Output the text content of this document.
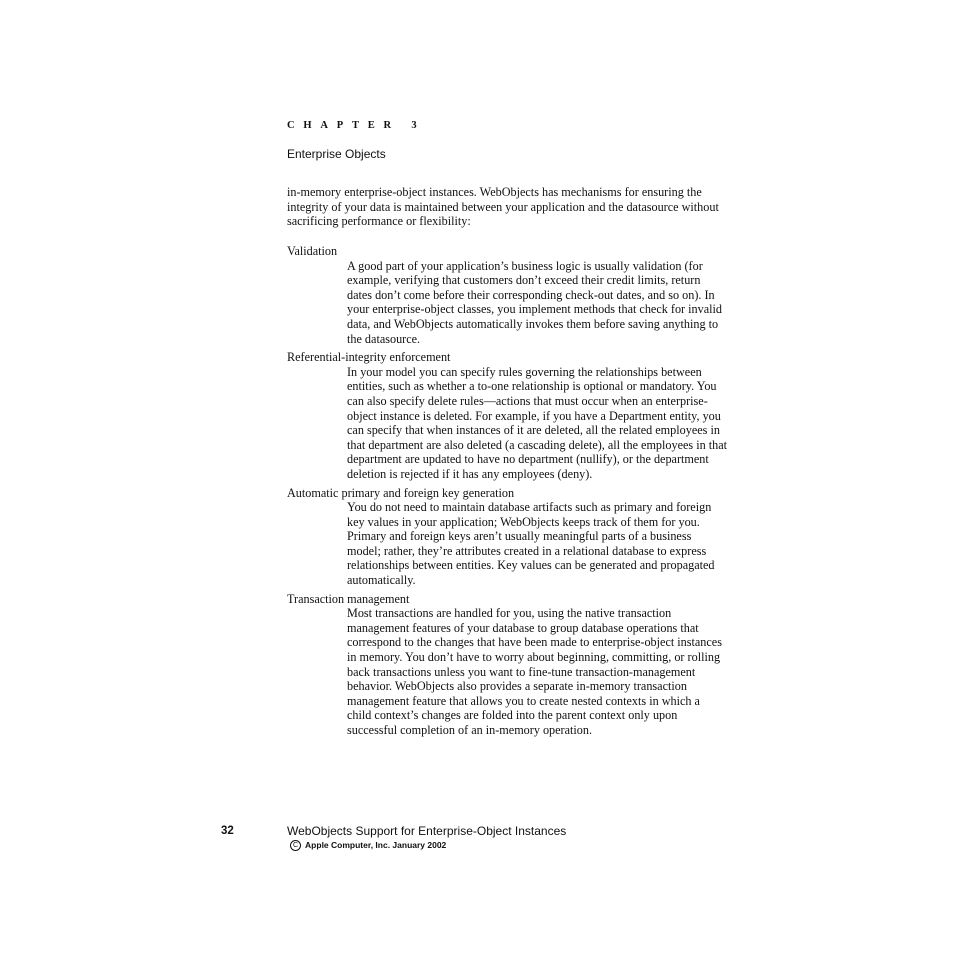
CHAPTER 3
Enterprise Objects

in-memory enterprise-object instances. WebObjects has mechanisms for ensuring the integrity of your data is maintained between your application and the datasource without sacrificing performance or flexibility:

Validation

A good part of your application’s business logic is usually validation (for example, verifying that customers don’t exceed their credit limits, return dates don’t come before their corresponding check-out dates, and so on). In your enterprise-object classes, you implement methods that check for invalid data, and WebObjects automatically invokes them before saving anything to the datasource.

Referential-integrity enforcement

In your model you can specify rules governing the relationships between entities, such as whether a to-one relationship is optional or mandatory. You can also specify delete rules—actions that must occur when an enterprise-object instance is deleted. For example, if you have a Department entity, you can specify that when instances of it are deleted, all the related employees in that department are also deleted (a cascading delete), all the employees in that department are updated to have no department (nullify), or the department deletion is rejected if it has any employees (deny).

Automatic primary and foreign key generation

You do not need to maintain database artifacts such as primary and foreign key values in your application; WebObjects keeps track of them for you. Primary and foreign keys aren’t usually meaningful parts of a business model; rather, they’re attributes created in a relational database to express relationships between entities. Key values can be generated and propagated automatically.

Transaction management

Most transactions are handled for you, using the native transaction management features of your database to group database operations that correspond to the changes that have been made to enterprise-object instances in memory. You don’t have to worry about beginning, committing, or rolling back transactions unless you want to fine-tune transaction-management behavior. WebObjects also provides a separate in-memory transaction management feature that allows you to create nested contexts in which a child context’s changes are folded into the parent context only upon successful completion of an in-memory operation.

32	WebObjects Support for Enterprise-Object Instances
C Apple Computer, Inc. January 2002
